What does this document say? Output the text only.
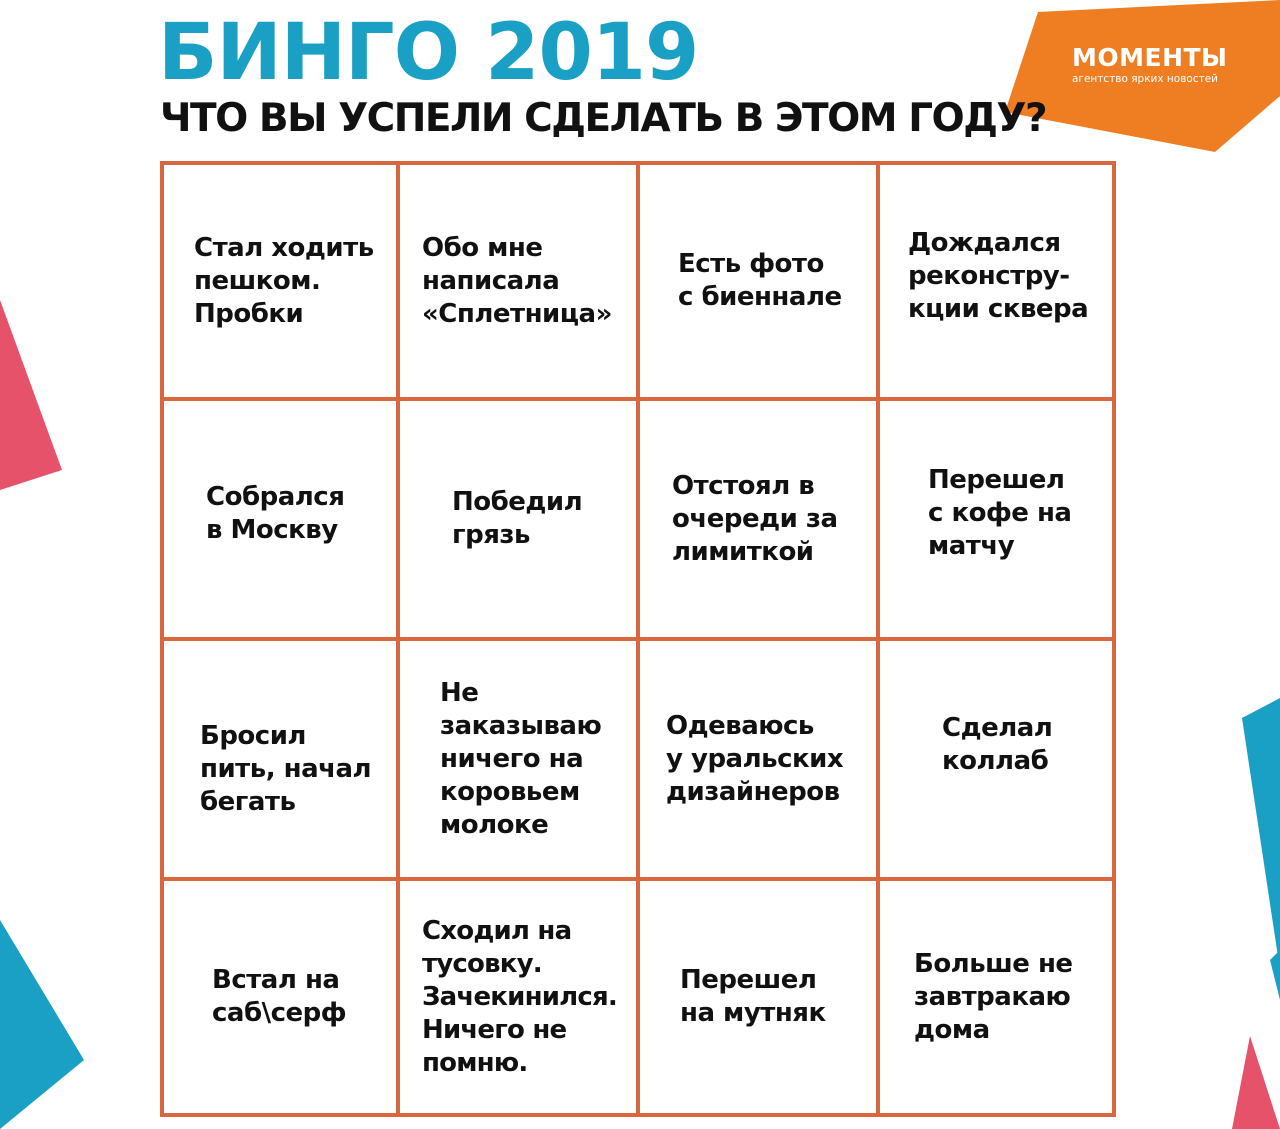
МОМЕНТЫ
агентство ярких новостей
БИНГО 2019
ЧТО ВЫ УСПЕЛИ СДЕЛАТЬ В ЭТОМ ГОДУ?
Стал ходить
пешком.
Пробки
Обо мне
написала
«Сплетница»
Есть фото
с биеннале
Дождался
реконстру-
кции сквера
Собрался
в Москву
Победил
грязь
Отстоял в
очереди за
лимиткой
Перешел
с кофе на
матчу
Бросил
пить, начал
бегать
Не
заказываю
ничего на
коровьем
молоке
Одеваюсь
у уральских
дизайнеров
Сделал
коллаб
Встал на
саб\серф
Сходил на
тусовку.
Зачекинился.
Ничего не
помню.
Перешел
на мутняк
Больше не
завтракаю
дома
